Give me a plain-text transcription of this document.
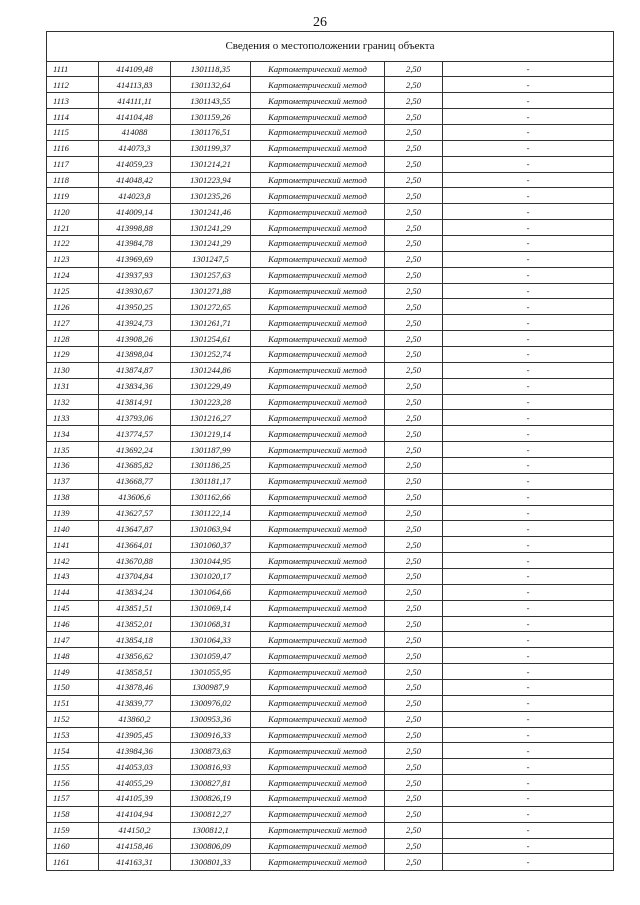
26
Сведения о местоположении границ объекта					
1111	414109,48	1301118,35	Картометрический метод	2,50	-
1112	414113,83	1301132,64	Картометрический метод	2,50	-
1113	414111,11	1301143,55	Картометрический метод	2,50	-
1114	414104,48	1301159,26	Картометрический метод	2,50	-
1115	414088	1301176,51	Картометрический метод	2,50	-
1116	414073,3	1301199,37	Картометрический метод	2,50	-
1117	414059,23	1301214,21	Картометрический метод	2,50	-
1118	414048,42	1301223,94	Картометрический метод	2,50	-
1119	414023,8	1301235,26	Картометрический метод	2,50	-
1120	414009,14	1301241,46	Картометрический метод	2,50	-
1121	413998,88	1301241,29	Картометрический метод	2,50	-
1122	413984,78	1301241,29	Картометрический метод	2,50	-
1123	413969,69	1301247,5	Картометрический метод	2,50	-
1124	413937,93	1301257,63	Картометрический метод	2,50	-
1125	413930,67	1301271,88	Картометрический метод	2,50	-
1126	413950,25	1301272,65	Картометрический метод	2,50	-
1127	413924,73	1301261,71	Картометрический метод	2,50	-
1128	413908,26	1301254,61	Картометрический метод	2,50	-
1129	413898,04	1301252,74	Картометрический метод	2,50	-
1130	413874,87	1301244,86	Картометрический метод	2,50	-
1131	413834,36	1301229,49	Картометрический метод	2,50	-
1132	413814,91	1301223,28	Картометрический метод	2,50	-
1133	413793,06	1301216,27	Картометрический метод	2,50	-
1134	413774,57	1301219,14	Картометрический метод	2,50	-
1135	413692,24	1301187,99	Картометрический метод	2,50	-
1136	413685,82	1301186,25	Картометрический метод	2,50	-
1137	413668,77	1301181,17	Картометрический метод	2,50	-
1138	413606,6	1301162,66	Картометрический метод	2,50	-
1139	413627,57	1301122,14	Картометрический метод	2,50	-
1140	413647,87	1301063,94	Картометрический метод	2,50	-
1141	413664,01	1301060,37	Картометрический метод	2,50	-
1142	413670,88	1301044,95	Картометрический метод	2,50	-
1143	413704,84	1301020,17	Картометрический метод	2,50	-
1144	413834,24	1301064,66	Картометрический метод	2,50	-
1145	413851,51	1301069,14	Картометрический метод	2,50	-
1146	413852,01	1301068,31	Картометрический метод	2,50	-
1147	413854,18	1301064,33	Картометрический метод	2,50	-
1148	413856,62	1301059,47	Картометрический метод	2,50	-
1149	413858,51	1301055,95	Картометрический метод	2,50	-
1150	413878,46	1300987,9	Картометрический метод	2,50	-
1151	413839,77	1300976,02	Картометрический метод	2,50	-
1152	413860,2	1300953,36	Картометрический метод	2,50	-
1153	413905,45	1300916,33	Картометрический метод	2,50	-
1154	413984,36	1300873,63	Картометрический метод	2,50	-
1155	414053,03	1300816,93	Картометрический метод	2,50	-
1156	414055,29	1300827,81	Картометрический метод	2,50	-
1157	414105,39	1300826,19	Картометрический метод	2,50	-
1158	414104,94	1300812,27	Картометрический метод	2,50	-
1159	414150,2	1300812,1	Картометрический метод	2,50	-
1160	414158,46	1300806,09	Картометрический метод	2,50	-
1161	414163,31	1300801,33	Картометрический метод	2,50	-
